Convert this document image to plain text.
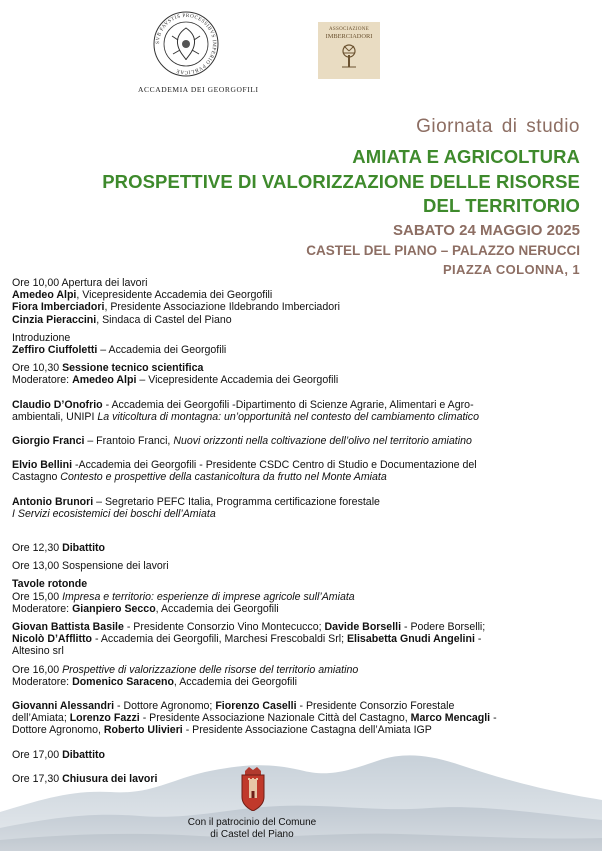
SVB FAVSTIS PROCESSIBVS IMPERIO PVBLICAE
ACCADEMIA DEI GEORGOFILI
ASSOCIAZIONE
IMBERCIADORI
Giornata di studio
AMIATA E AGRICOLTURA
PROSPETTIVE DI VALORIZZAZIONE DELLE RISORSE
DEL TERRITORIO
SABATO 24 MAGGIO 2025
CASTEL DEL PIANO – PALAZZO NERUCCI
PIAZZA COLONNA, 1

Ore 10,00 Apertura dei lavori

Amedeo Alpi, Vicepresidente Accademia dei Georgofili

Fiora Imberciadori, Presidente Associazione Ildebrando Imberciadori

Cinzia Pieraccini, Sindaca di Castel del Piano

Introduzione

Zeffiro Ciuffoletti – Accademia dei Georgofili

Ore 10,30 Sessione tecnico scientifica

Moderatore: Amedeo Alpi – Vicepresidente Accademia dei Georgofili

Claudio D’Onofrio - Accademia dei Georgofili -Dipartimento di Scienze Agrarie, Alimentari e Agro-
ambientali, UNIPI La viticoltura di montagna: un’opportunità nel contesto del cambiamento climatico

Giorgio Franci – Frantoio Franci, Nuovi orizzonti nella coltivazione dell’olivo nel territorio amiatino

Elvio Bellini -Accademia dei Georgofili - Presidente CSDC Centro di Studio e Documentazione del
Castagno Contesto e prospettive della castanicoltura da frutto nel Monte Amiata

Antonio Brunori – Segretario PEFC Italia, Programma certificazione forestale
I Servizi ecosistemici dei boschi dell’Amiata

Ore 12,30 Dibattito

Ore 13,00 Sospensione dei lavori

Tavole rotonde

Ore 15,00 Impresa e territorio: esperienze di imprese agricole sull’Amiata

Moderatore: Gianpiero Secco, Accademia dei Georgofili

Giovan Battista Basile - Presidente Consorzio Vino Montecucco; Davide Borselli - Podere Borselli;
Nicolò D’Afflitto - Accademia dei Georgofili, Marchesi Frescobaldi Srl; Elisabetta Gnudi Angelini -
Altesino srl

Ore 16,00 Prospettive di valorizzazione delle risorse del territorio amiatino

Moderatore: Domenico Saraceno, Accademia dei Georgofili

Giovanni Alessandri - Dottore Agronomo; Fiorenzo Caselli - Presidente Consorzio Forestale
dell’Amiata; Lorenzo Fazzi - Presidente Associazione Nazionale Città del Castagno, Marco Mencagli -
Dottore Agronomo, Roberto Ulivieri - Presidente Associazione Castagna dell’Amiata IGP

Ore 17,00 Dibattito

Ore 17,30 Chiusura dei lavori

Con il patrocinio del Comune
di Castel del Piano
